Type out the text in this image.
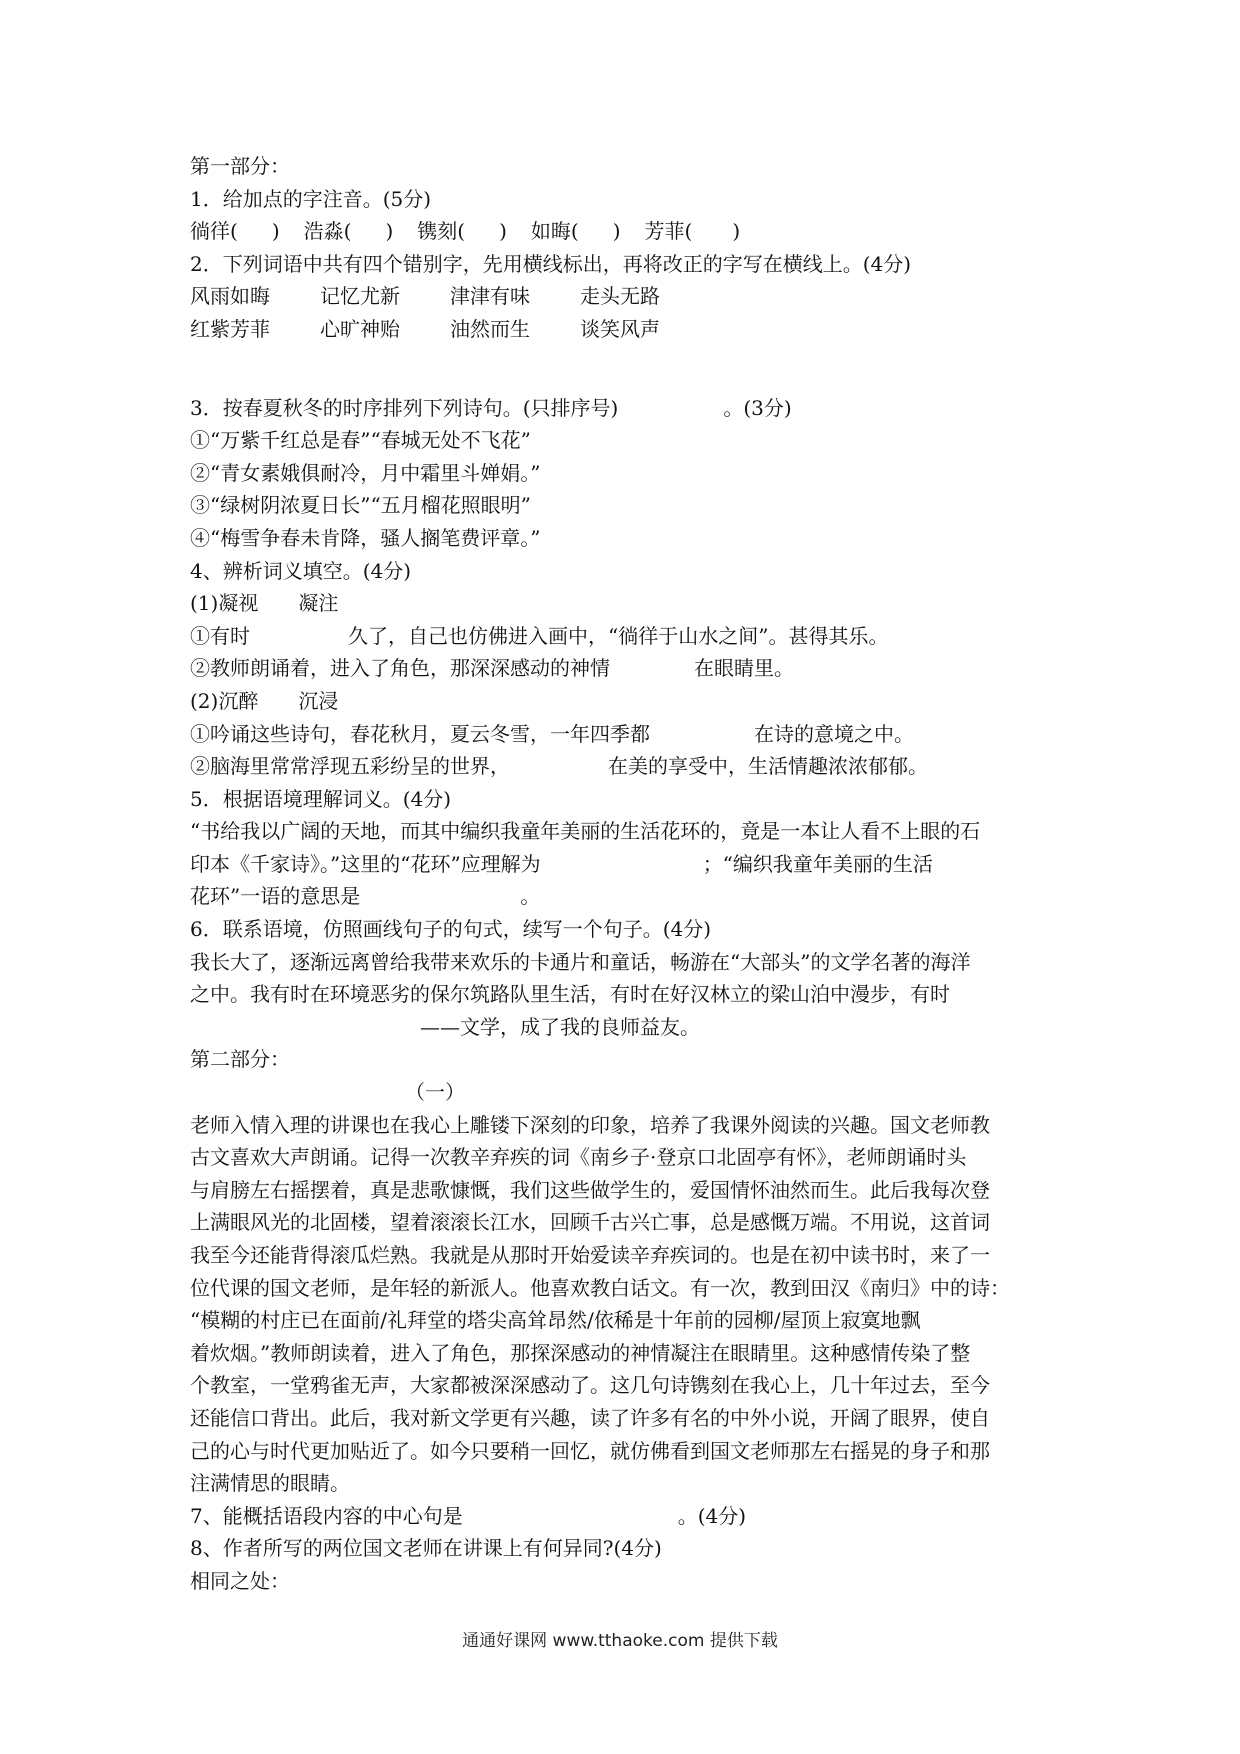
第一部分：
1．给加点的字注音。(5分)
徜徉( ) 浩淼( ) 镌刻( ) 如晦( ) 芳菲( )
2．下列词语中共有四个错别字，先用横线标出，再将改正的字写在横线上。(4分)
风雨如晦	记忆尤新	津津有味	走头无路
红紫芳菲	心旷神贻	油然而生	谈笑风声
3．按春夏秋冬的时序排列下列诗句。(只排序号)	。(3分)
①“万紫千红总是春”“春城无处不飞花”
②“青女素娥俱耐冷，月中霜里斗婵娟。”
③“绿树阴浓夏日长”“五月榴花照眼明”
④“梅雪争春未肯降，骚人搁笔费评章。”
4、辨析词义填空。(4分)
(1)凝视　　凝注
①有时	久了，自己也仿佛进入画中，“徜徉于山水之间”。甚得其乐。
②教师朗诵着，进入了角色，那深深感动的神情	在眼睛里。
(2)沉醉　　沉浸
①吟诵这些诗句，春花秋月，夏云冬雪，一年四季都	在诗的意境之中。
②脑海里常常浮现五彩纷呈的世界，	在美的享受中，生活情趣浓浓郁郁。
5．根据语境理解词义。(4分)
“书给我以广阔的天地，而其中编织我童年美丽的生活花环的，竟是一本让人看不上眼的石
印本《千家诗》。”这里的“花环”应理解为	；“编织我童年美丽的生活
花环”一语的意思是	。
6．联系语境，仿照画线句子的句式，续写一个句子。(4分)
我长大了，逐渐远离曾给我带来欢乐的卡通片和童话，畅游在“大部头”的文学名著的海洋
之中。我有时在环境恶劣的保尔筑路队里生活，有时在好汉林立的梁山泊中漫步，有时
——文学，成了我的良师益友。
第二部分：
（一）
老师入情入理的讲课也在我心上雕镂下深刻的印象，培养了我课外阅读的兴趣。国文老师教
古文喜欢大声朗诵。记得一次教辛弃疾的词《南乡子·登京口北固亭有怀》，老师朗诵时头
与肩膀左右摇摆着，真是悲歌慷慨，我们这些做学生的，爱国情怀油然而生。此后我每次登
上满眼风光的北固楼，望着滚滚长江水，回顾千古兴亡事，总是感慨万端。不用说，这首词
我至今还能背得滚瓜烂熟。我就是从那时开始爱读辛弃疾词的。也是在初中读书时，来了一
位代课的国文老师，是年轻的新派人。他喜欢教白话文。有一次，教到田汉《南归》中的诗：
“模糊的村庄已在面前/礼拜堂的塔尖高耸昂然/依稀是十年前的园柳/屋顶上寂寞地飘
着炊烟。”教师朗读着，进入了角色，那探深感动的神情凝注在眼睛里。这种感情传染了整
个教室，一堂鸦雀无声，大家都被深深感动了。这几句诗镌刻在我心上，几十年过去，至今
还能信口背出。此后，我对新文学更有兴趣，读了许多有名的中外小说，开阔了眼界，使自
己的心与时代更加贴近了。如今只要稍一回忆，就仿佛看到国文老师那左右摇晃的身子和那
注满情思的眼睛。
7、能概括语段内容的中心句是	。(4分)
8、作者所写的两位国文老师在讲课上有何异同?(4分)
相同之处：
通通好课网 www.tthaoke.com 提供下载
